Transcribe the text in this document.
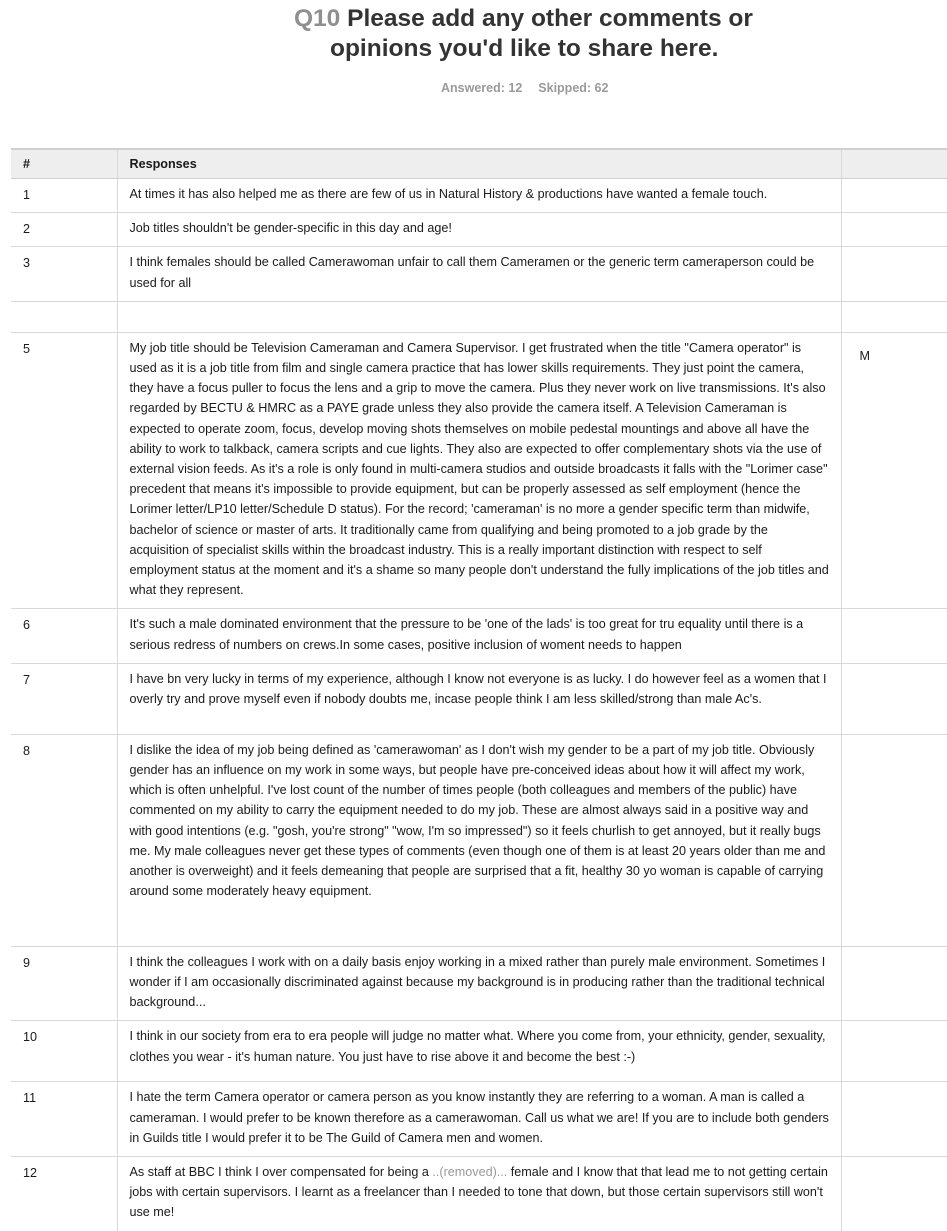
Q10 Please add any other comments or
opinions you'd like to share here.
Answered: 12 Skipped: 62
#	Responses	
1	At times it has also helped me as there are few of us in Natural History & productions have wanted a female touch.	
2	Job titles shouldn't be gender-specific in this day and age!	
3	I think females should be called Camerawoman unfair to call them Cameramen or the generic term cameraperson could be used for all	

5	My job title should be Television Cameraman and Camera Supervisor. I get frustrated when the title "Camera operator" is used as it is a job title from film and single camera practice that has lower skills requirements. They just point the camera, they have a focus puller to focus the lens and a grip to move the camera. Plus they never work on live transmissions. It's also regarded by BECTU & HMRC as a PAYE grade unless they also provide the camera itself. A Television Cameraman is expected to operate zoom, focus, develop moving shots themselves on mobile pedestal mountings and above all have the ability to work to talkback, camera scripts and cue lights. They also are expected to offer complementary shots via the use of external vision feeds. As it's a role is only found in multi-camera studios and outside broadcasts it falls with the "Lorimer case" precedent that means it's impossible to provide equipment, but can be properly assessed as self employment (hence the Lorimer letter/LP10 letter/Schedule D status). For the record; 'cameraman' is no more a gender specific term than midwife, bachelor of science or master of arts. It traditionally came from qualifying and being promoted to a job grade by the acquisition of specialist skills within the broadcast industry. This is a really important distinction with respect to self employment status at the moment and it's a shame so many people don't understand the fully implications of the job titles and what they represent.	M
6	It's such a male dominated environment that the pressure to be 'one of the lads' is too great for tru equality until there is a serious redress of numbers on crews.In some cases, positive inclusion of woment needs to happen	
7	I have bn very lucky in terms of my experience, although I know not everyone is as lucky. I do however feel as a women that I overly try and prove myself even if nobody doubts me, incase people think I am less skilled/strong than male Ac's.	
8	I dislike the idea of my job being defined as 'camerawoman' as I don't wish my gender to be a part of my job title. Obviously gender has an influence on my work in some ways, but people have pre-conceived ideas about how it will affect my work, which is often unhelpful. I've lost count of the number of times people (both colleagues and members of the public) have commented on my ability to carry the equipment needed to do my job. These are almost always said in a positive way and with good intentions (e.g. "gosh, you're strong" "wow, I'm so impressed") so it feels churlish to get annoyed, but it really bugs me. My male colleagues never get these types of comments (even though one of them is at least 20 years older than me and another is overweight) and it feels demeaning that people are surprised that a fit, healthy 30 yo woman is capable of carrying around some moderately heavy equipment.	
9	I think the colleagues I work with on a daily basis enjoy working in a mixed rather than purely male environment. Sometimes I wonder if I am occasionally discriminated against because my background is in producing rather than the traditional technical background...	
10	I think in our society from era to era people will judge no matter what. Where you come from, your ethnicity, gender, sexuality, clothes you wear - it's human nature. You just have to rise above it and become the best :-)	
11	I hate the term Camera operator or camera person as you know instantly they are referring to a woman. A man is called a cameraman. I would prefer to be known therefore as a camerawoman. Call us what we are! If you are to include both genders in Guilds title I would prefer it to be The Guild of Camera men and women.	
12	As staff at BBC I think I over compensated for being a ..(removed)... female and I know that that lead me to not getting certain jobs with certain supervisors. I learnt as a freelancer than I needed to tone that down, but those certain supervisors still won't use me!	
